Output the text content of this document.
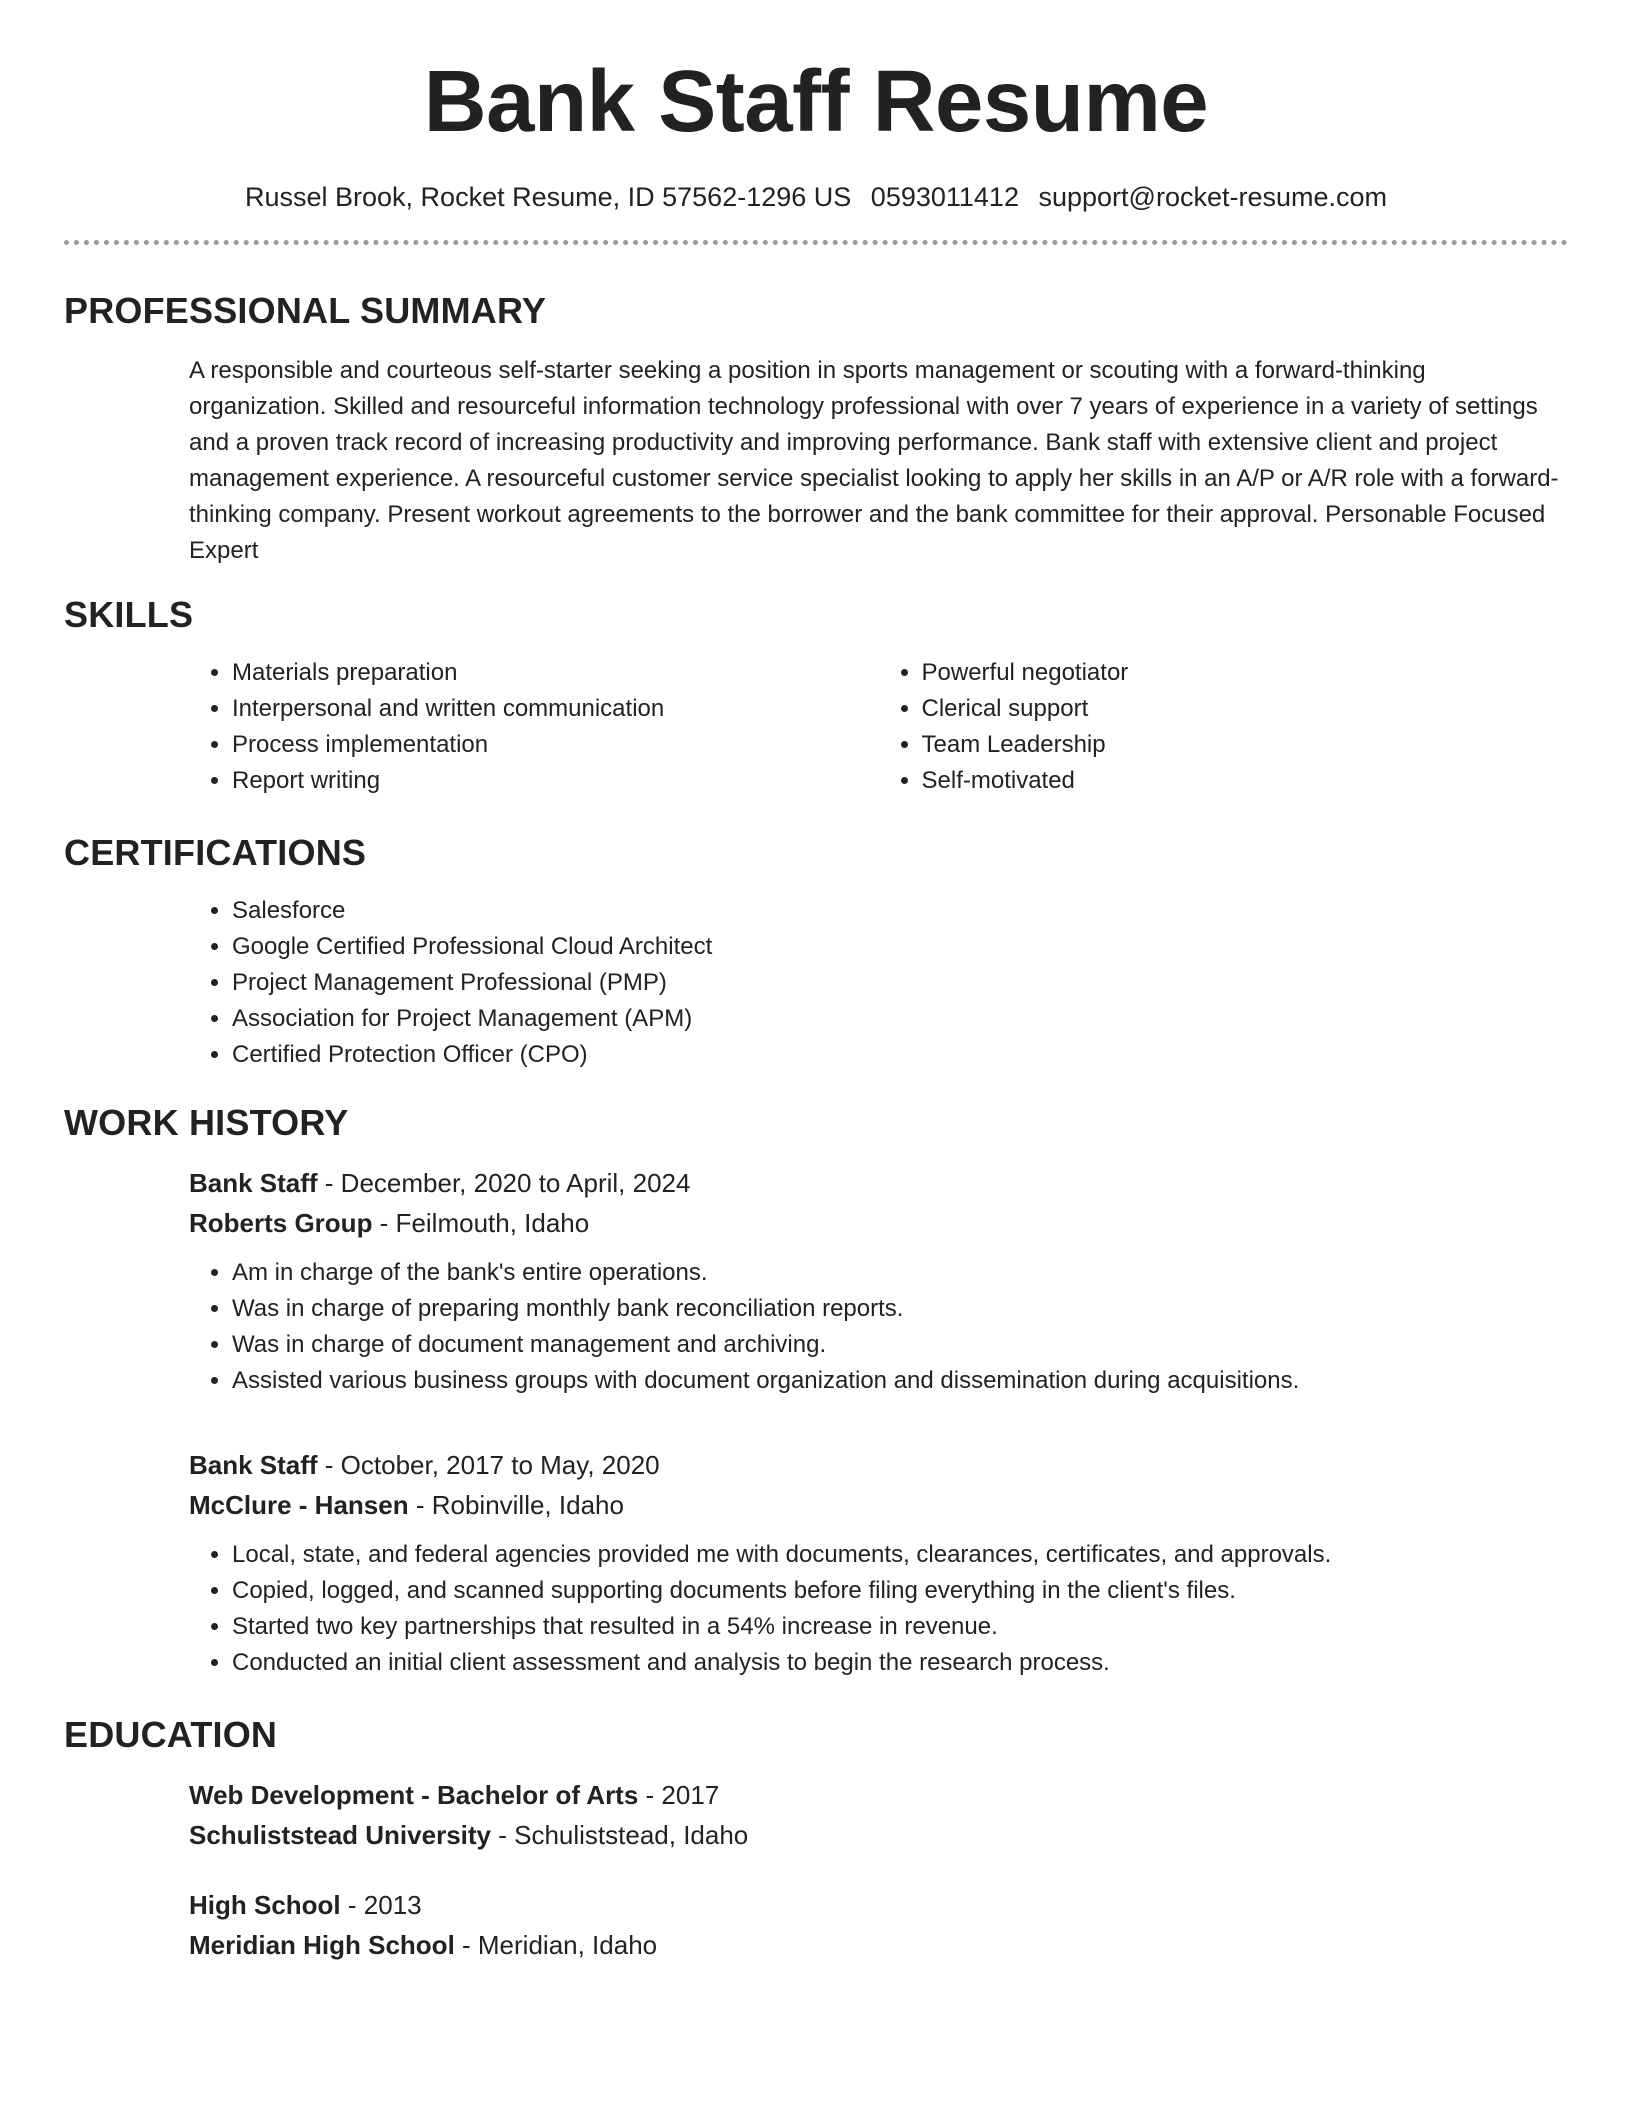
Bank Staff Resume
Russel Brook, Rocket Resume, ID 57562-1296 US 0593011412 support@rocket-resume.com
PROFESSIONAL SUMMARY
A responsible and courteous self-starter seeking a position in sports management or scouting with a forward-thinking organization. Skilled and resourceful information technology professional with over 7 years of experience in a variety of settings and a proven track record of increasing productivity and improving performance. Bank staff with extensive client and project management experience. A resourceful customer service specialist looking to apply her skills in an A/P or A/R role with a forward-thinking company. Present workout agreements to the borrower and the bank committee for their approval. Personable Focused Expert
SKILLS
• Materials preparation
• Interpersonal and written communication
• Process implementation
• Report writing
• Powerful negotiator
• Clerical support
• Team Leadership
• Self-motivated
CERTIFICATIONS
• Salesforce
• Google Certified Professional Cloud Architect
• Project Management Professional (PMP)
• Association for Project Management (APM)
• Certified Protection Officer (CPO)
WORK HISTORY
Bank Staff - December, 2020 to April, 2024
Roberts Group - Feilmouth, Idaho
• Am in charge of the bank's entire operations.
• Was in charge of preparing monthly bank reconciliation reports.
• Was in charge of document management and archiving.
• Assisted various business groups with document organization and dissemination during acquisitions.
Bank Staff - October, 2017 to May, 2020
McClure - Hansen - Robinville, Idaho
• Local, state, and federal agencies provided me with documents, clearances, certificates, and approvals.
• Copied, logged, and scanned supporting documents before filing everything in the client's files.
• Started two key partnerships that resulted in a 54% increase in revenue.
• Conducted an initial client assessment and analysis to begin the research process.
EDUCATION
Web Development - Bachelor of Arts - 2017
Schuliststead University - Schuliststead, Idaho
High School - 2013
Meridian High School - Meridian, Idaho
